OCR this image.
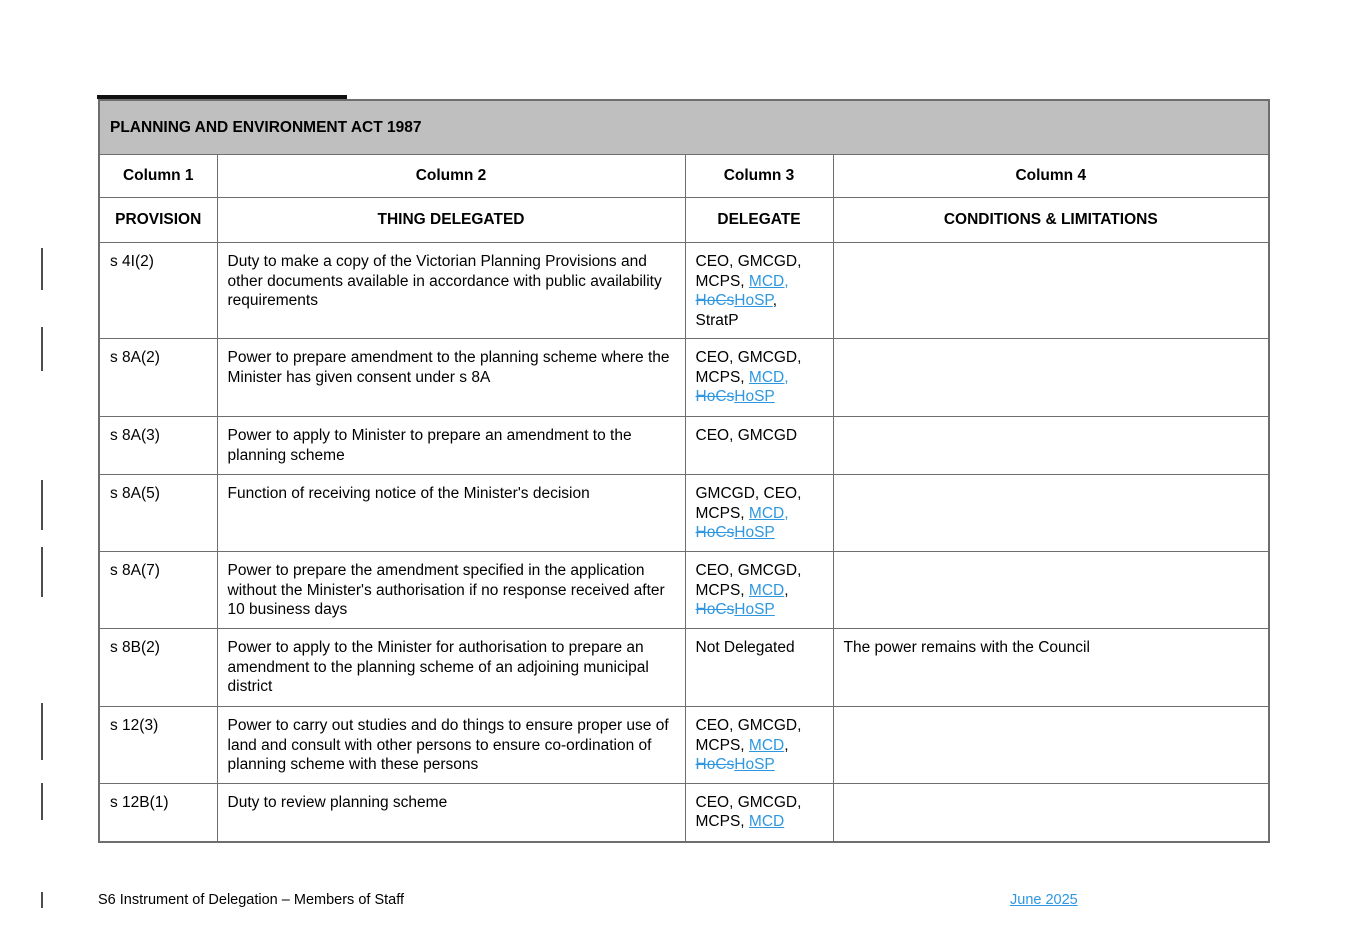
PLANNING AND ENVIRONMENT ACT 1987			
Column 1	Column 2	Column 3	Column 4
PROVISION	THING DELEGATED	DELEGATE	CONDITIONS & LIMITATIONS
s 4I(2)	Duty to make a copy of the Victorian Planning Provisions and other documents available in accordance with public availability requirements	CEO, GMCGD, MCPS, MCD, HoCsHoSP, StratP	
s 8A(2)	Power to prepare amendment to the planning scheme where the Minister has given consent under s 8A	CEO, GMCGD, MCPS, MCD, HoCsHoSP	
s 8A(3)	Power to apply to Minister to prepare an amendment to the planning scheme	CEO, GMCGD	
s 8A(5)	Function of receiving notice of the Minister's decision	GMCGD, CEO, MCPS, MCD, HoCsHoSP	
s 8A(7)	Power to prepare the amendment specified in the application without the Minister's authorisation if no response received after 10 business days	CEO, GMCGD, MCPS, MCD, HoCsHoSP	
s 8B(2)	Power to apply to the Minister for authorisation to prepare an amendment to the planning scheme of an adjoining municipal district	Not Delegated	The power remains with the Council
s 12(3)	Power to carry out studies and do things to ensure proper use of land and consult with other persons to ensure co-ordination of planning scheme with these persons	CEO, GMCGD, MCPS, MCD, HoCsHoSP	
s 12B(1)	Duty to review planning scheme	CEO, GMCGD, MCPS, MCD	
S6 Instrument of Delegation – Members of Staff	June 2025
